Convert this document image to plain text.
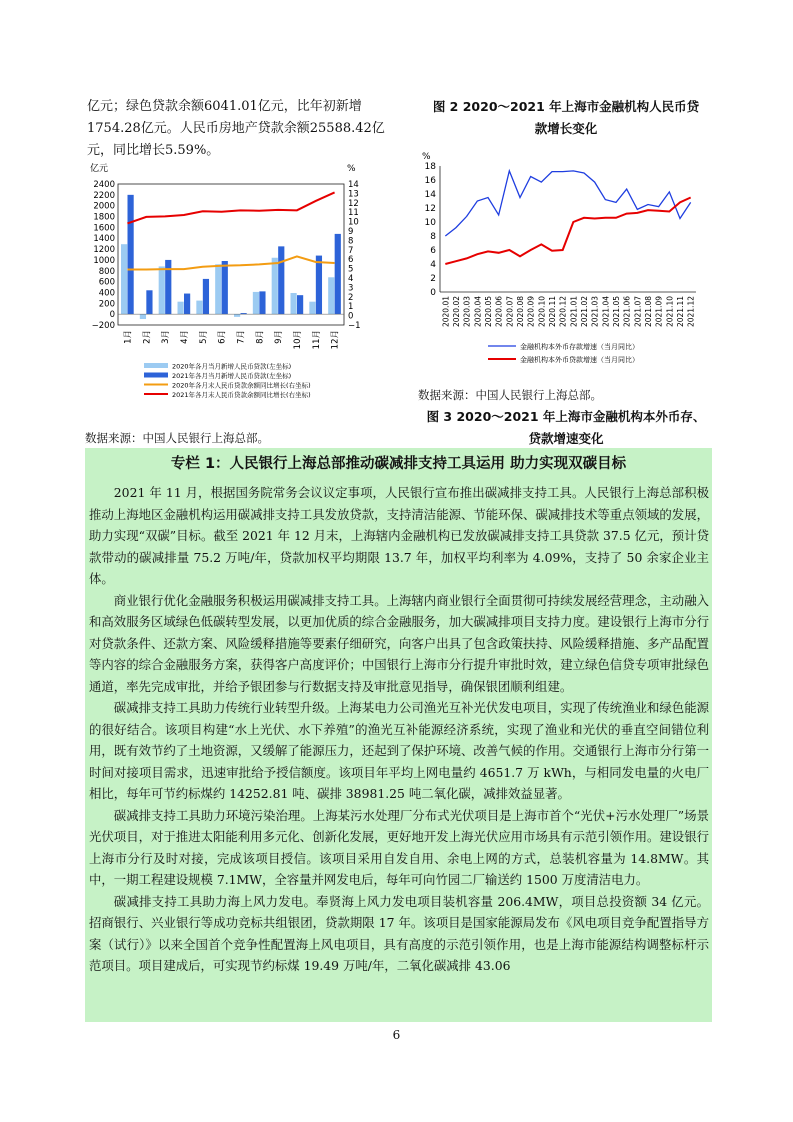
亿元；绿色贷款余额6041.01亿元，比年初新增1754.28亿元。人民币房地产贷款余额25588.42亿元，同比增长5.59%。
亿元	%
2400
2200
2000
1800
1600
1400
1200
1000
800
600
400
200
0
−200
14
13
12
11
10
9
8
7
6
5
4
3
2
1
0
−1
1月 2月 3月 4月 5月 6月 7月 8月 9月 10月 11月 12月
2020年各月当月新增人民币贷款(左坐标)
2021年各月当月新增人民币贷款(左坐标)
2020年各月末人民币贷款余额同比增长(右坐标)
2021年各月末人民币贷款余额同比增长(右坐标)
图 2 2020～2021 年上海市金融机构人民币贷
款增长变化
%
18
16
14
12
10
8
6
4
2
0
2020.01 2020.02 2020.03 2020.04 2020.05 2020.06 2020.07 2020.08 2020.09 2020.10 2020.11 2020.12 2021.01 2021.02 2021.03 2021.04 2021.05 2021.06 2021.07 2021.08 2021.09 2021.10 2021.11 2021.12
金融机构本外币存款增速（当月同比）
金融机构本外币贷款增速（当月同比）
数据来源：中国人民银行上海总部。
图 3 2020～2021 年上海市金融机构本外币存、
贷款增速变化
数据来源：中国人民银行上海总部。
专栏 1：人民银行上海总部推动碳减排支持工具运用 助力实现双碳目标

2021 年 11 月，根据国务院常务会议议定事项，人民银行宣布推出碳减排支持工具。人民银行上海总部积极推动上海地区金融机构运用碳减排支持工具发放贷款，支持清洁能源、节能环保、碳减排技术等重点领域的发展，助力实现“双碳”目标。截至 2021 年 12 月末，上海辖内金融机构已发放碳减排支持工具贷款 37.5 亿元，预计贷款带动的碳减排量 75.2 万吨/年，贷款加权平均期限 13.7 年，加权平均利率为 4.09%，支持了 50 余家企业主体。

商业银行优化金融服务积极运用碳减排支持工具。上海辖内商业银行全面贯彻可持续发展经营理念，主动融入和高效服务区域绿色低碳转型发展，以更加优质的综合金融服务，加大碳减排项目支持力度。建设银行上海市分行对贷款条件、还款方案、风险缓释措施等要素仔细研究，向客户出具了包含政策扶持、风险缓释措施、多产品配置等内容的综合金融服务方案，获得客户高度评价；中国银行上海市分行提升审批时效，建立绿色信贷专项审批绿色通道，率先完成审批，并给予银团参与行数据支持及审批意见指导，确保银团顺利组建。

碳减排支持工具助力传统行业转型升级。上海某电力公司渔光互补光伏发电项目，实现了传统渔业和绿色能源的很好结合。该项目构建“水上光伏、水下养殖”的渔光互补能源经济系统，实现了渔业和光伏的垂直空间错位利用，既有效节约了土地资源，又缓解了能源压力，还起到了保护环境、改善气候的作用。交通银行上海市分行第一时间对接项目需求，迅速审批给予授信额度。该项目年平均上网电量约 4651.7 万 kWh，与相同发电量的火电厂相比，每年可节约标煤约 14252.81 吨、碳排 38981.25 吨二氧化碳，减排效益显著。

碳减排支持工具助力环境污染治理。上海某污水处理厂分布式光伏项目是上海市首个“光伏+污水处理厂”场景光伏项目，对于推进太阳能利用多元化、创新化发展，更好地开发上海光伏应用市场具有示范引领作用。建设银行上海市分行及时对接，完成该项目授信。该项目采用自发自用、余电上网的方式，总装机容量为 14.8MW。其中，一期工程建设规模 7.1MW，全容量并网发电后，每年可向竹园二厂输送约 1500 万度清洁电力。

碳减排支持工具助力海上风力发电。奉贤海上风力发电项目装机容量 206.4MW，项目总投资额 34 亿元。招商银行、兴业银行等成功竞标共组银团，贷款期限 17 年。该项目是国家能源局发布《风电项目竞争配置指导方案（试行）》以来全国首个竞争性配置海上风电项目，具有高度的示范引领作用，也是上海市能源结构调整标杆示范项目。项目建成后，可实现节约标煤 19.49 万吨/年，二氧化碳减排 43.06

6
